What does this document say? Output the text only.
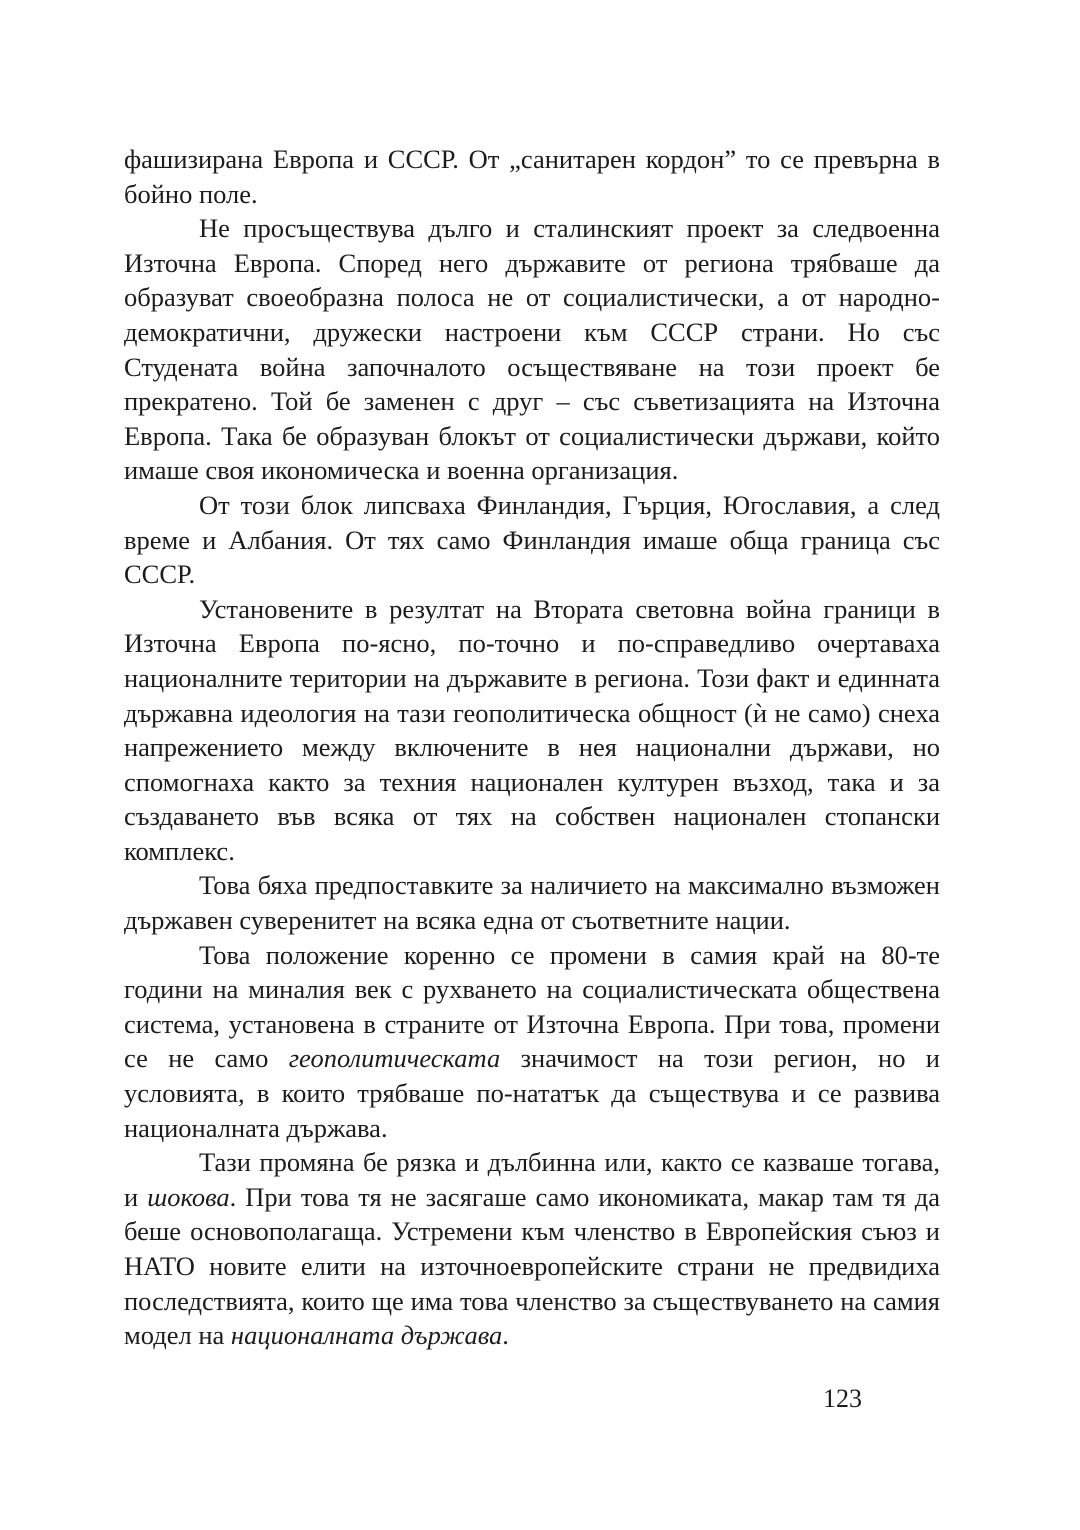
фашизирана Европа и СССР. От „санитарен кордон” то се превърна в бойно поле.

Не просъществува дълго и сталинският проект за следвоенна Източна Европа. Според него държавите от региона трябваше да образуват своеобразна полоса не от социалистически, а от народно-демократични, дружески настроени към СССР страни. Но със Студената война започналото осъществяване на този проект бе прекратено. Той бе заменен с друг – със съветизацията на Източна Европа. Така бе образуван блокът от социалистически държави, който имаше своя икономическа и военна организация.

От този блок липсваха Финландия, Гърция, Югославия, а след време и Албания. От тях само Финландия имаше обща граница със СССР.

Установените в резултат на Втората световна война граници в Източна Европа по-ясно, по-точно и по-справедливо очертаваха националните територии на държавите в региона. Този факт и единната държавна идеология на тази геополитическа общност (ѝ не само) снеха напрежението между включените в нея национални държави, но спомогнаха както за техния национален културен възход, така и за създаването във всяка от тях на собствен национален стопански комплекс.

Това бяха предпоставките за наличието на максимално възможен държавен суверенитет на всяка една от съответните нации.

Това положение коренно се промени в самия край на 80-те години на миналия век с рухването на социалистическата обществена система, установена в страните от Източна Европа. При това, промени се не само геополитическата значимост на този регион, но и условията, в които трябваше по-нататък да съществува и се развива националната държава.

Тази промяна бе рязка и дълбинна или, както се казваше тогава, и шокова. При това тя не засягаше само икономиката, макар там тя да беше основополагаща. Устремени към членство в Европейския съюз и НАТО новите елити на източноевропейските страни не предвидиха последствията, които ще има това членство за съществуването на самия модел на националната държава.

123
